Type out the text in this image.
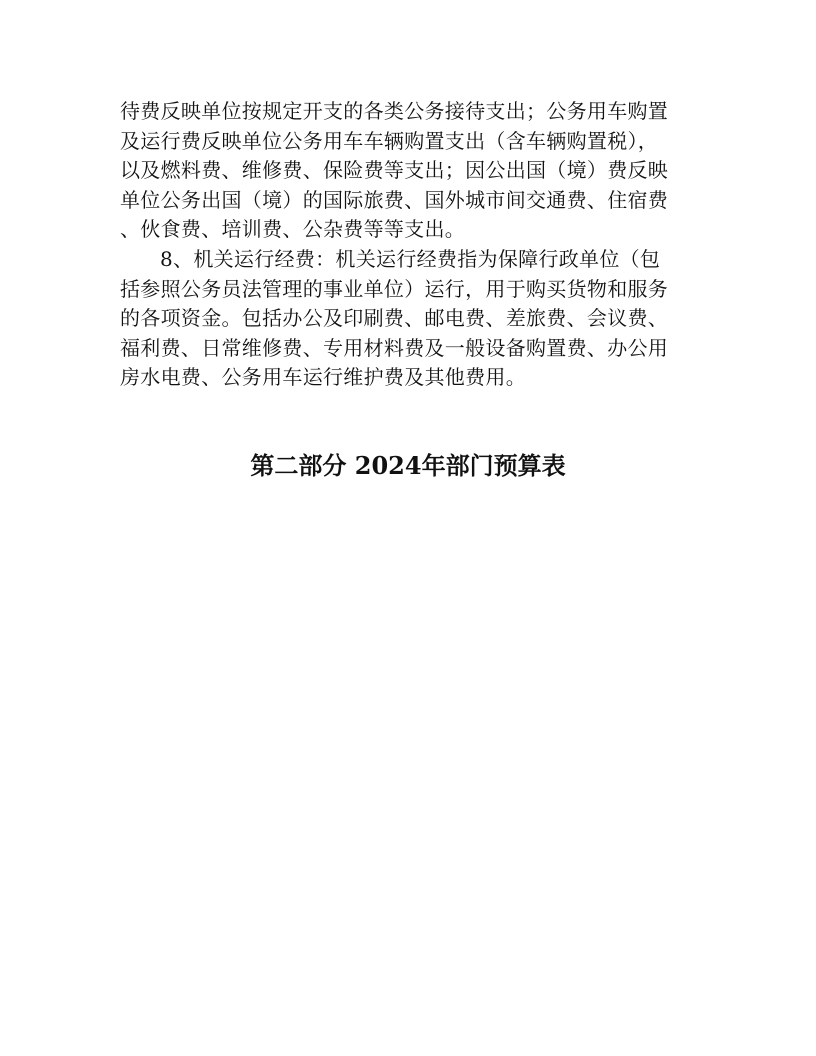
待费反映单位按规定开支的各类公务接待支出；公务用车购置
及运行费反映单位公务用车车辆购置支出（含车辆购置税），
以及燃料费、维修费、保险费等支出；因公出国（境）费反映
单位公务出国（境）的国际旅费、国外城市间交通费、住宿费
、伙食费、培训费、公杂费等等支出。
8、机关运行经费：机关运行经费指为保障行政单位（包
括参照公务员法管理的事业单位）运行，用于购买货物和服务
的各项资金。包括办公及印刷费、邮电费、差旅费、会议费、
福利费、日常维修费、专用材料费及一般设备购置费、办公用
房水电费、公务用车运行维护费及其他费用。
第二部分 2024年部门预算表
